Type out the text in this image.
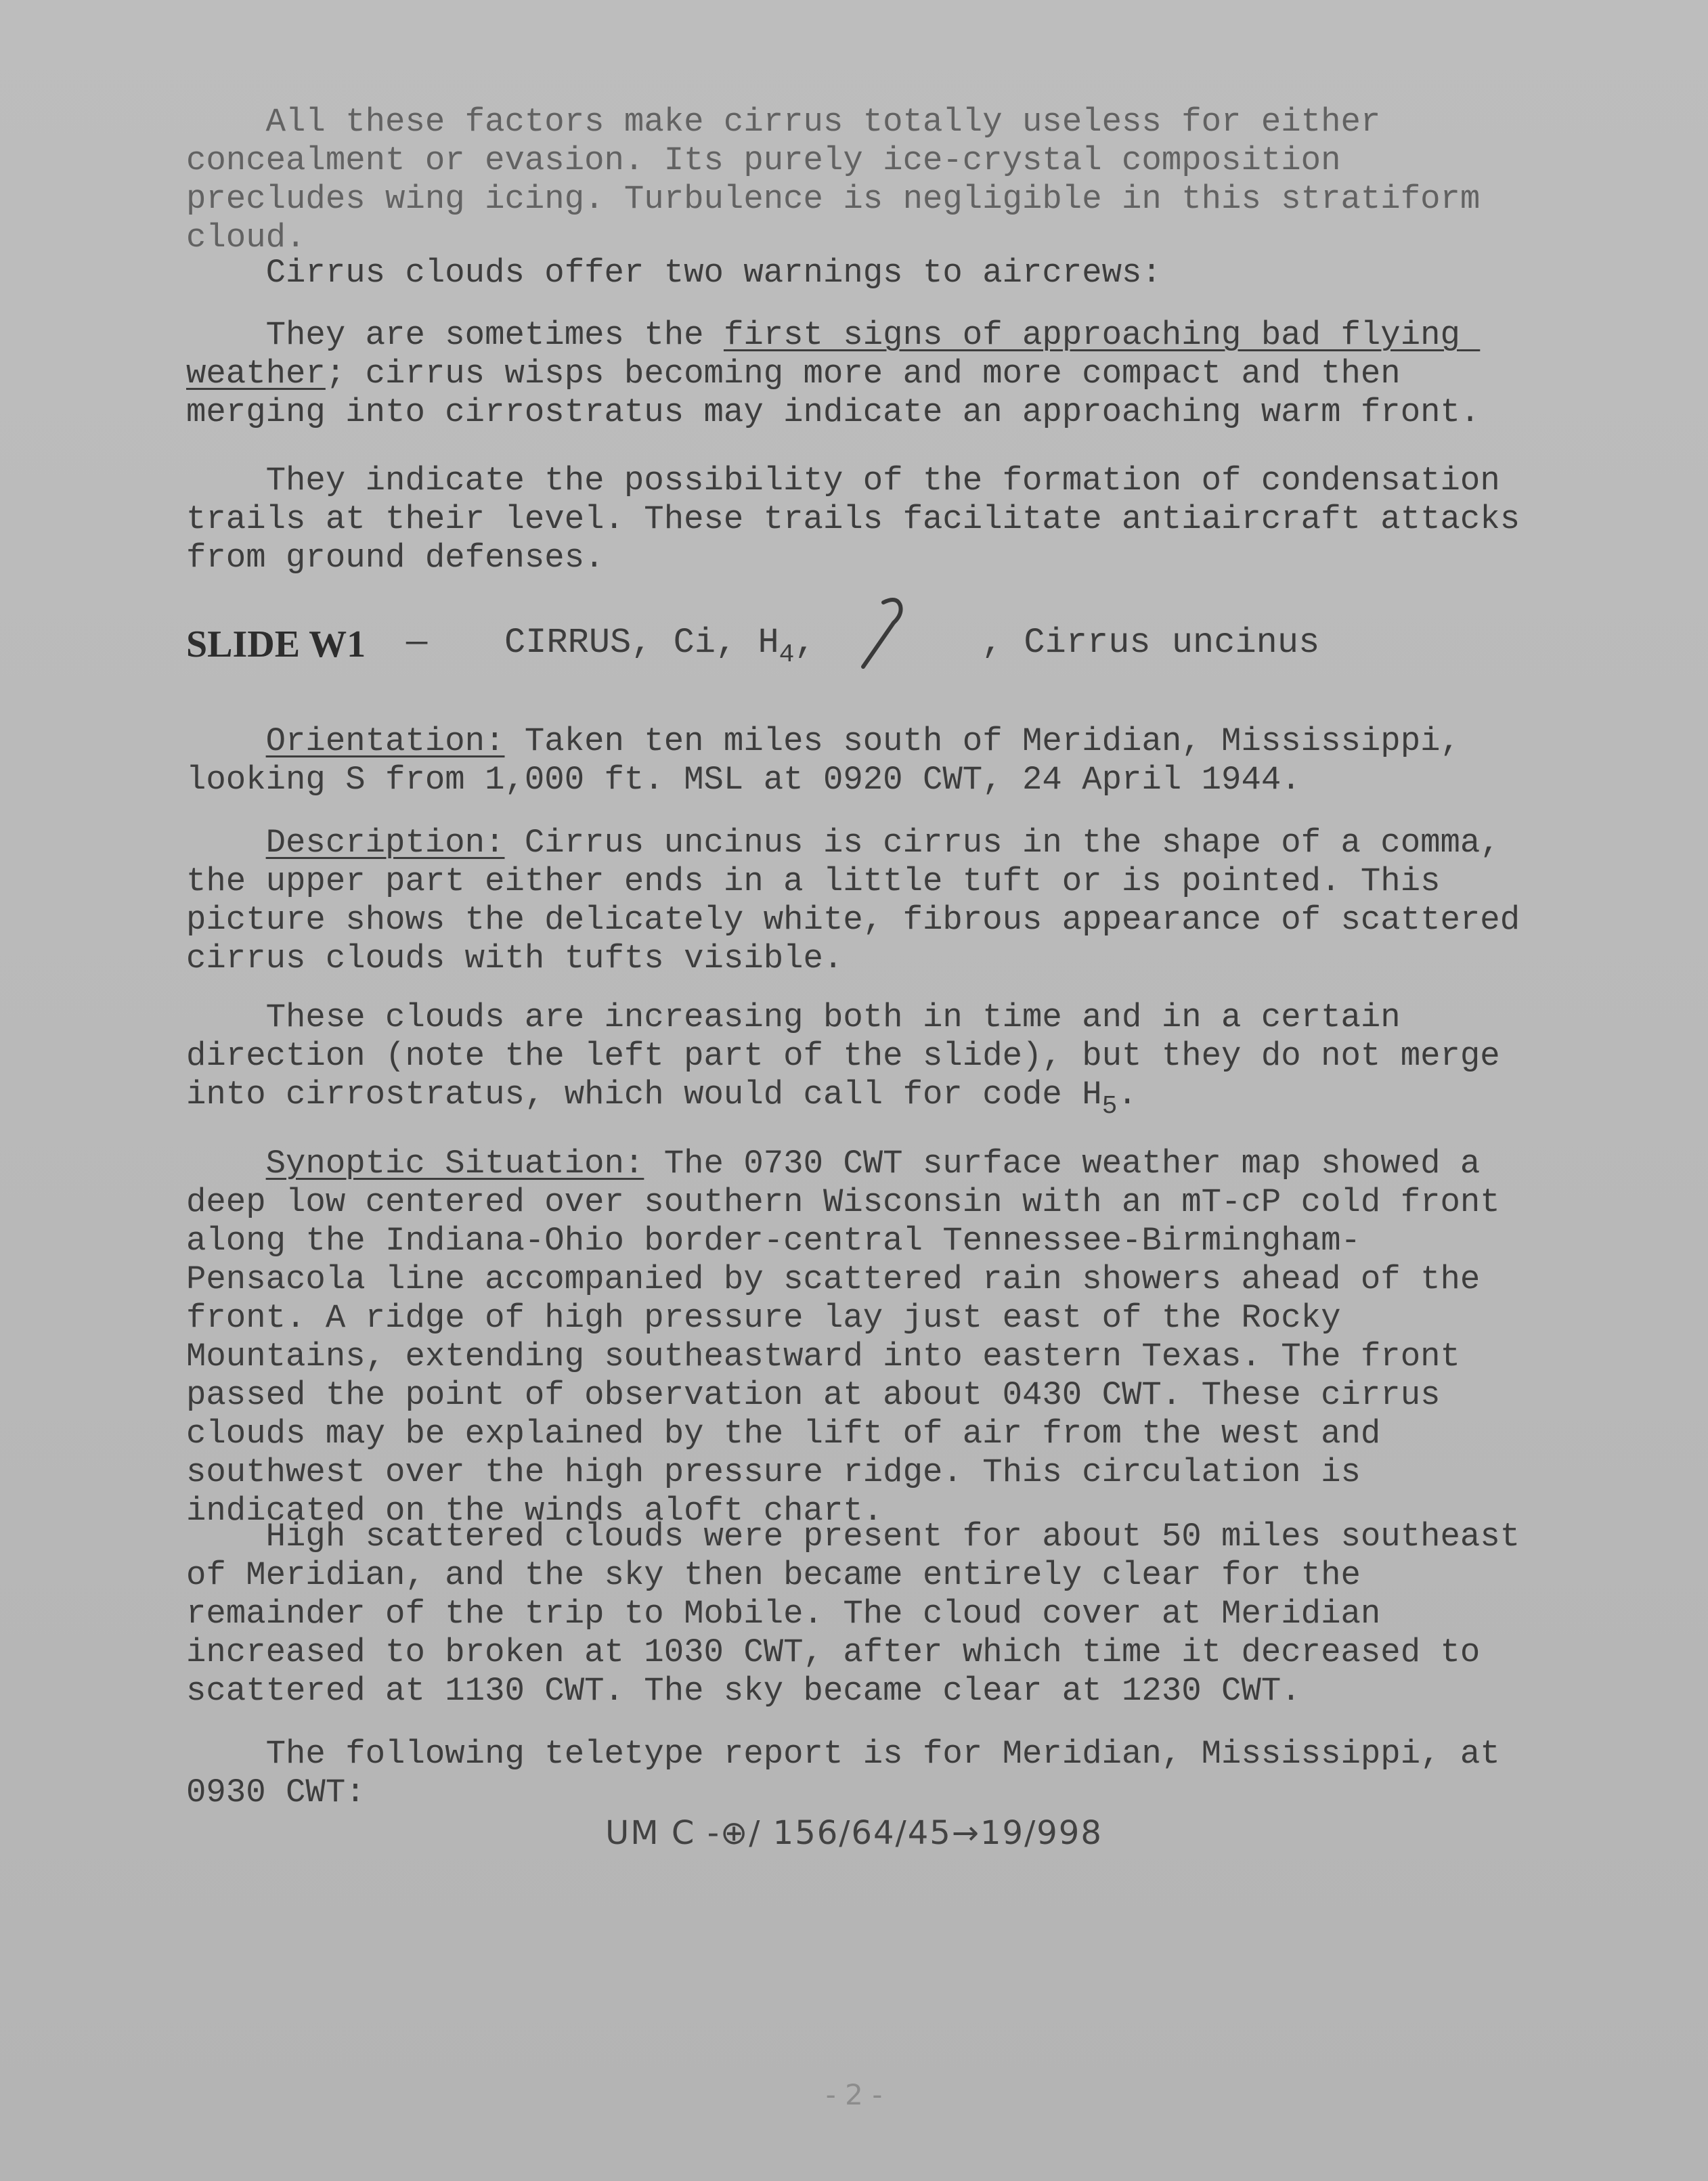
All these factors make cirrus totally useless for either concealment or evasion. Its purely ice-crystal composition precludes wing icing. Turbulence is negligible in this stratiform cloud.

Cirrus clouds offer two warnings to aircrews:

They are sometimes the first signs of approaching bad flying weather; cirrus wisps becoming more and more compact and then merging into cirrostratus may indicate an approaching warm front.

They indicate the possibility of the formation of condensation trails at their level. These trails facilitate antiaircraft attacks from ground defenses.

SLIDE W1 — CIRRUS, Ci, $H_4$,	, Cirrus uncinus

Orientation: Taken ten miles south of Meridian, Mississippi, looking S from 1,000 ft. MSL at 0920 CWT, 24 April 1944.

Description: Cirrus uncinus is cirrus in the shape of a comma, the upper part either ends in a little tuft or is pointed. This picture shows the delicately white, fibrous appearance of scattered cirrus clouds with tufts visible.

These clouds are increasing both in time and in a certain direction (note the left part of the slide), but they do not merge into cirrostratus, which would call for code $H_5$.

Synoptic Situation: The 0730 CWT surface weather map showed a deep low centered over southern Wisconsin with an mT-cP cold front along the Indiana-Ohio border-central Tennessee-Birmingham-Pensacola line accompanied by scattered rain showers ahead of the front. A ridge of high pressure lay just east of the Rocky Mountains, extending southeastward into eastern Texas. The front passed the point of observation at about 0430 CWT. These cirrus clouds may be explained by the lift of air from the west and southwest over the high pressure ridge. This circulation is indicated on the winds aloft chart.

High scattered clouds were present for about 50 miles southeast of Meridian, and the sky then became entirely clear for the remainder of the trip to Mobile. The cloud cover at Meridian increased to broken at 1030 CWT, after which time it decreased to scattered at 1130 CWT. The sky became clear at 1230 CWT.

The following teletype report is for Meridian, Mississippi, at 0930 CWT:

UM C -⊕/ 156/64/45→19/998
- 2 -
